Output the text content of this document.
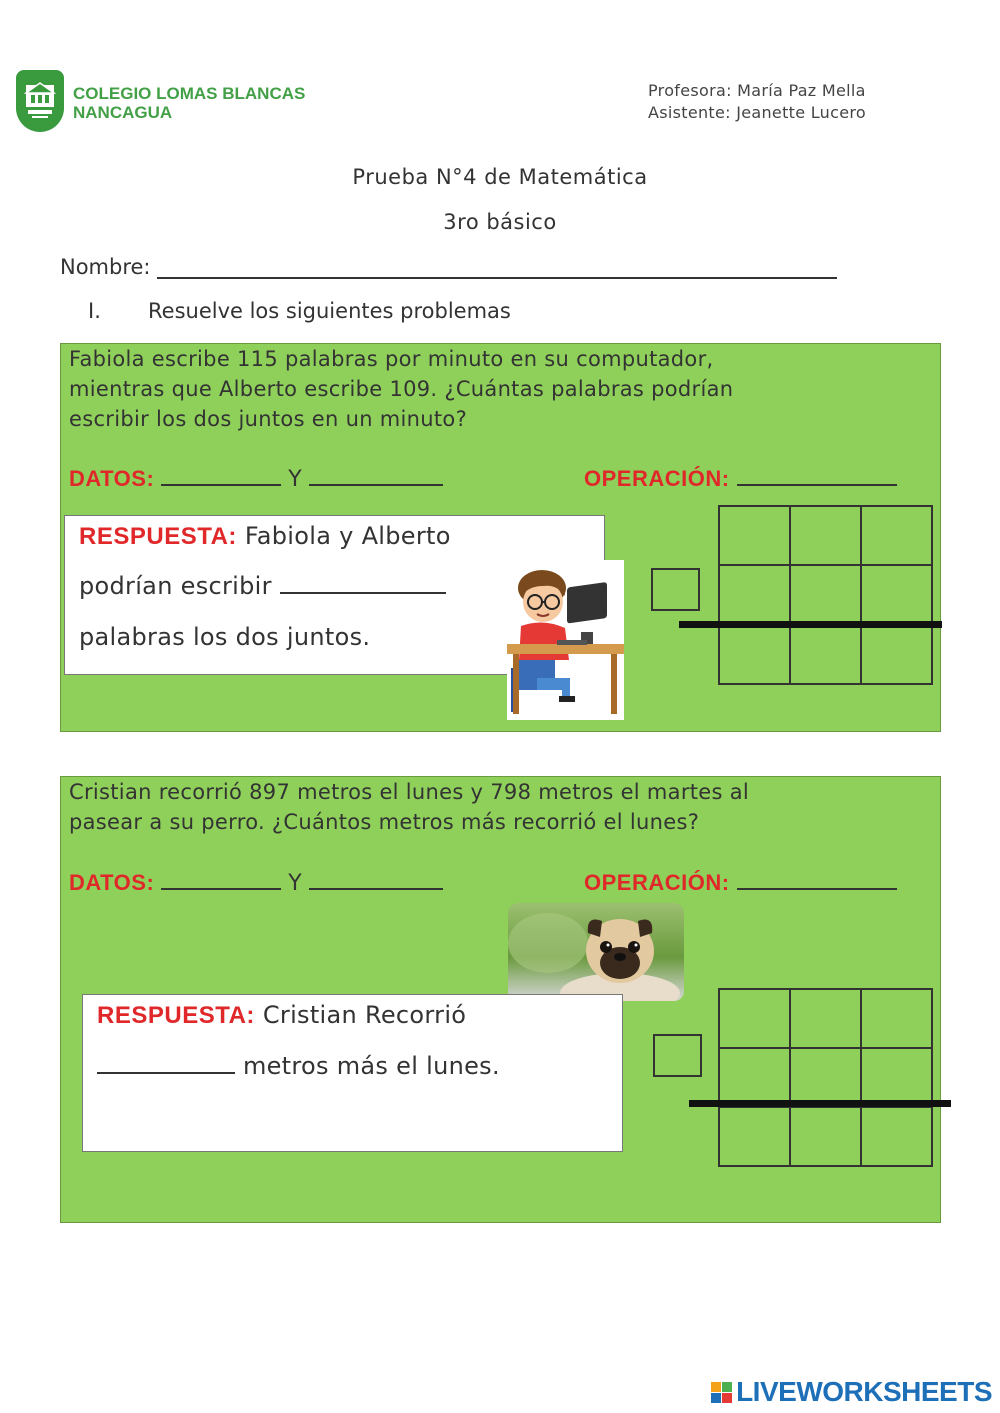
COLEGIO LOMAS BLANCAS
NANCAGUA
Profesora: María Paz Mella
Asistente: Jeanette Lucero
Prueba N°4 de Matemática
3ro básico
Nombre:
I. Resuelve los siguientes problemas
Fabiola escribe 115 palabras por minuto en su computador,
mientras que Alberto escribe 109. ¿Cuántas palabras podrían
escribir los dos juntos en un minuto?
DATOS:	Y	OPERACIÓN:
RESPUESTA: Fabiola y Alberto
podrían escribir
palabras los dos juntos.
Cristian recorrió 897 metros el lunes y 798 metros el martes al
pasear a su perro. ¿Cuántos metros más recorrió el lunes?
DATOS:	Y	OPERACIÓN:
RESPUESTA: Cristian Recorrió
metros más el lunes.
LIVEWORKSHEETS
